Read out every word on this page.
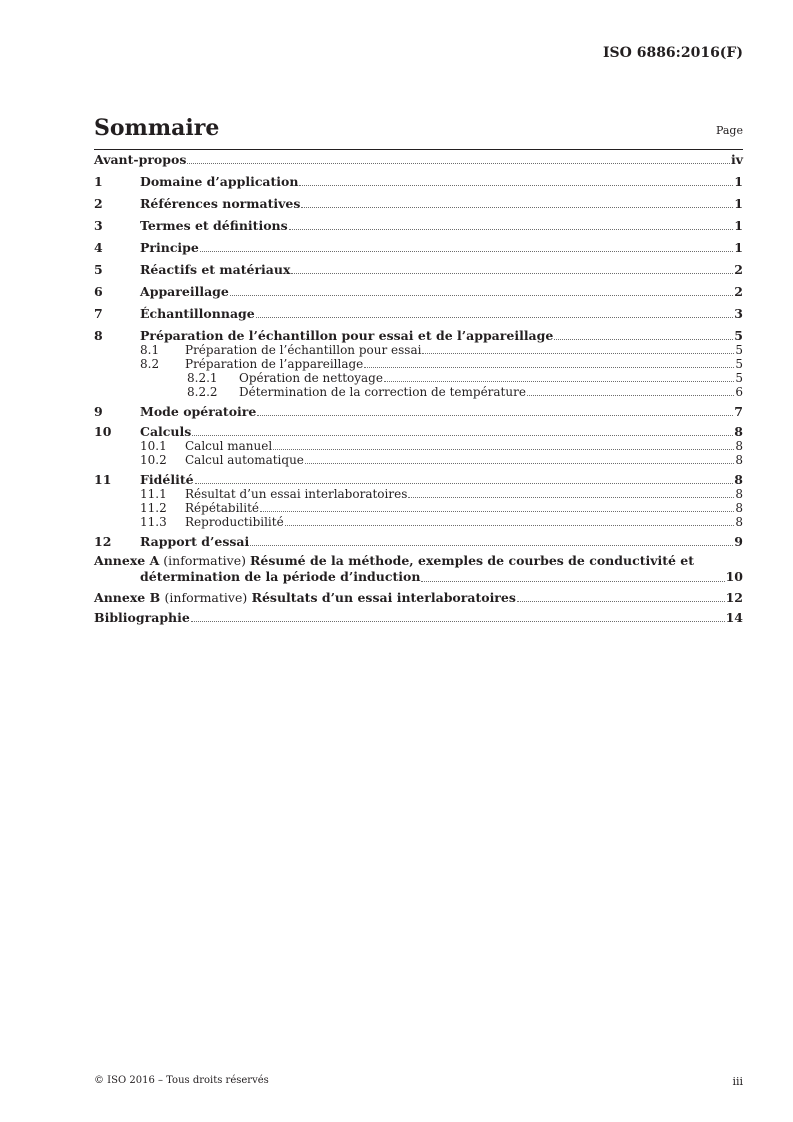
ISO 6886:2016(F)
Sommaire	Page
Avant-propos	iv
1	Domaine d’application	1
2	Références normatives	1
3	Termes et définitions	1
4	Principe	1
5	Réactifs et matériaux	2
6	Appareillage	2
7	Échantillonnage	3
8	Préparation de l’échantillon pour essai et de l’appareillage	5
8.1	Préparation de l’échantillon pour essai	5
8.2	Préparation de l’appareillage	5
8.2.1	Opération de nettoyage	5
8.2.2	Détermination de la correction de température	6
9	Mode opératoire	7
10	Calculs	8
10.1	Calcul manuel	8
10.2	Calcul automatique	8
11	Fidélité	8
11.1	Résultat d’un essai interlaboratoires	8
11.2	Répétabilité	8
11.3	Reproductibilité	8
12	Rapport d’essai	9
Annexe A (informative) Résumé de la méthode, exemples de courbes de conductivité et
détermination de la période d’induction	10
Annexe B (informative) Résultats d’un essai interlaboratoires	12
Bibliographie	14
© ISO 2016 – Tous droits réservés	iii
